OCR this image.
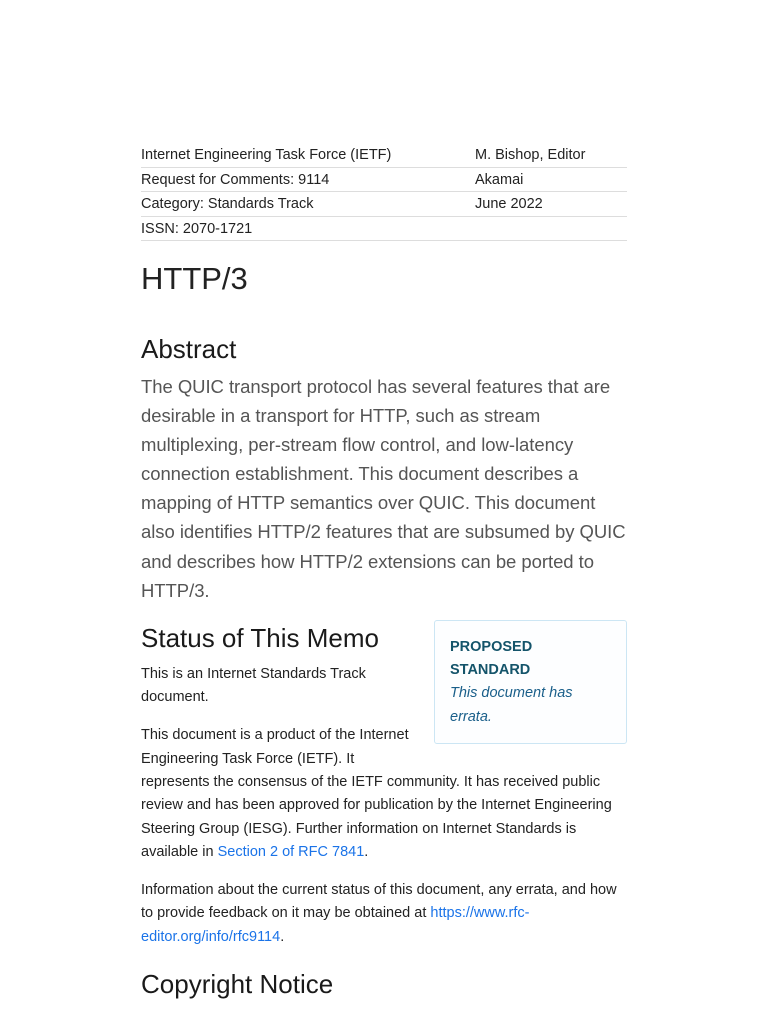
Internet Engineering Task Force (IETF)	M. Bishop, Editor
Request for Comments: 9114	Akamai
Category: Standards Track	June 2022
ISSN: 2070-1721	
HTTP/3
Abstract

The QUIC transport protocol has several features that are desirable in a transport for HTTP, such as stream multiplexing, per-stream flow control, and low-latency connection establishment. This document describes a mapping of HTTP semantics over QUIC. This document also identifies HTTP/2 features that are subsumed by QUIC and describes how HTTP/2 extensions can be ported to HTTP/3.

PROPOSED STANDARD
This document has errata.
Status of This Memo

This is an Internet Standards Track document.

This document is a product of the Internet Engineering Task Force (IETF). It represents the consensus of the IETF community. It has received public review and has been approved for publication by the Internet Engineering Steering Group (IESG). Further information on Internet Standards is available in Section 2 of RFC 7841.

Information about the current status of this document, any errata, and how to provide feedback on it may be obtained at https://www.rfc-editor.org/info/rfc9114.

Copyright Notice
